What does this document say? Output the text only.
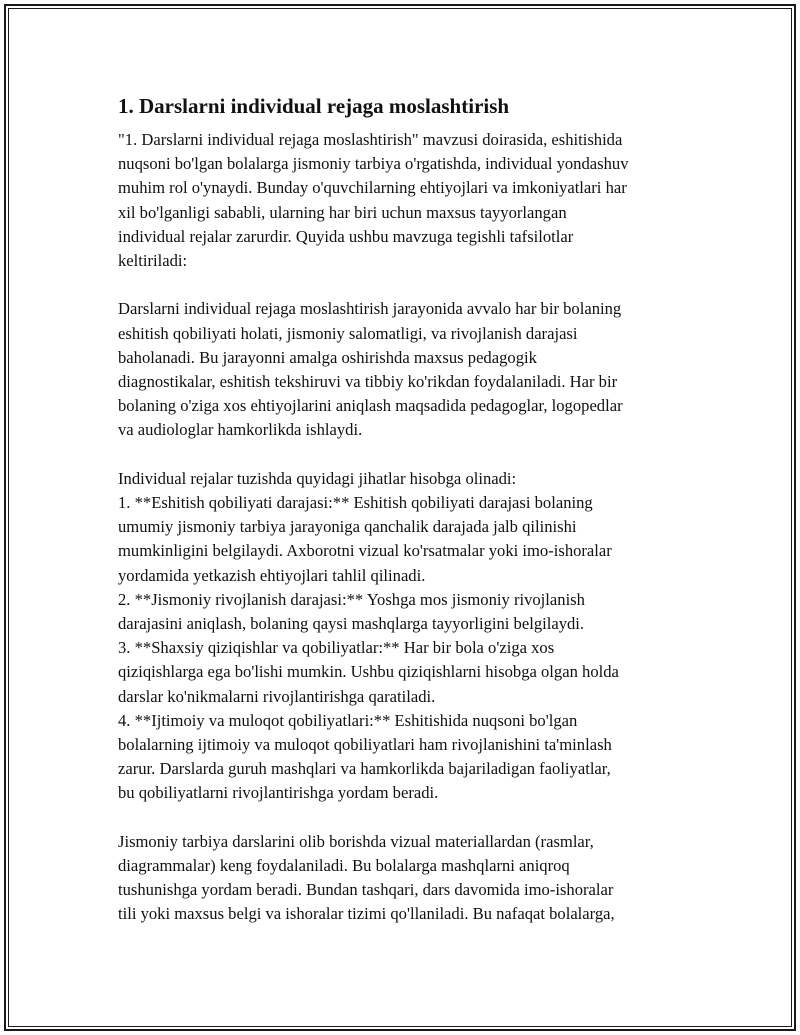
1. Darslarni individual rejaga moslashtirish

"1. Darslarni individual rejaga moslashtirish" mavzusi doirasida, eshitishida
nuqsoni bo'lgan bolalarga jismoniy tarbiya o'rgatishda, individual yondashuv
muhim rol o'ynaydi. Bunday o'quvchilarning ehtiyojlari va imkoniyatlari har
xil bo'lganligi sababli, ularning har biri uchun maxsus tayyorlangan
individual rejalar zarurdir. Quyida ushbu mavzuga tegishli tafsilotlar
keltiriladi:

Darslarni individual rejaga moslashtirish jarayonida avvalo har bir bolaning
eshitish qobiliyati holati, jismoniy salomatligi, va rivojlanish darajasi
baholanadi. Bu jarayonni amalga oshirishda maxsus pedagogik
diagnostikalar, eshitish tekshiruvi va tibbiy ko'rikdan foydalaniladi. Har bir
bolaning o'ziga xos ehtiyojlarini aniqlash maqsadida pedagoglar, logopedlar
va audiologlar hamkorlikda ishlaydi.

Individual rejalar tuzishda quyidagi jihatlar hisobga olinadi:
1. **Eshitish qobiliyati darajasi:** Eshitish qobiliyati darajasi bolaning
umumiy jismoniy tarbiya jarayoniga qanchalik darajada jalb qilinishi
mumkinligini belgilaydi. Axborotni vizual ko'rsatmalar yoki imo-ishoralar
yordamida yetkazish ehtiyojlari tahlil qilinadi.
2. **Jismoniy rivojlanish darajasi:** Yoshga mos jismoniy rivojlanish
darajasini aniqlash, bolaning qaysi mashqlarga tayyorligini belgilaydi.
3. **Shaxsiy qiziqishlar va qobiliyatlar:** Har bir bola o'ziga xos
qiziqishlarga ega bo'lishi mumkin. Ushbu qiziqishlarni hisobga olgan holda
darslar ko'nikmalarni rivojlantirishga qaratiladi.
4. **Ijtimoiy va muloqot qobiliyatlari:** Eshitishida nuqsoni bo'lgan
bolalarning ijtimoiy va muloqot qobiliyatlari ham rivojlanishini ta'minlash
zarur. Darslarda guruh mashqlari va hamkorlikda bajariladigan faoliyatlar,
bu qobiliyatlarni rivojlantirishga yordam beradi.

Jismoniy tarbiya darslarini olib borishda vizual materiallardan (rasmlar,
diagrammalar) keng foydalaniladi. Bu bolalarga mashqlarni aniqroq
tushunishga yordam beradi. Bundan tashqari, dars davomida imo-ishoralar
tili yoki maxsus belgi va ishoralar tizimi qo'llaniladi. Bu nafaqat bolalarga,
